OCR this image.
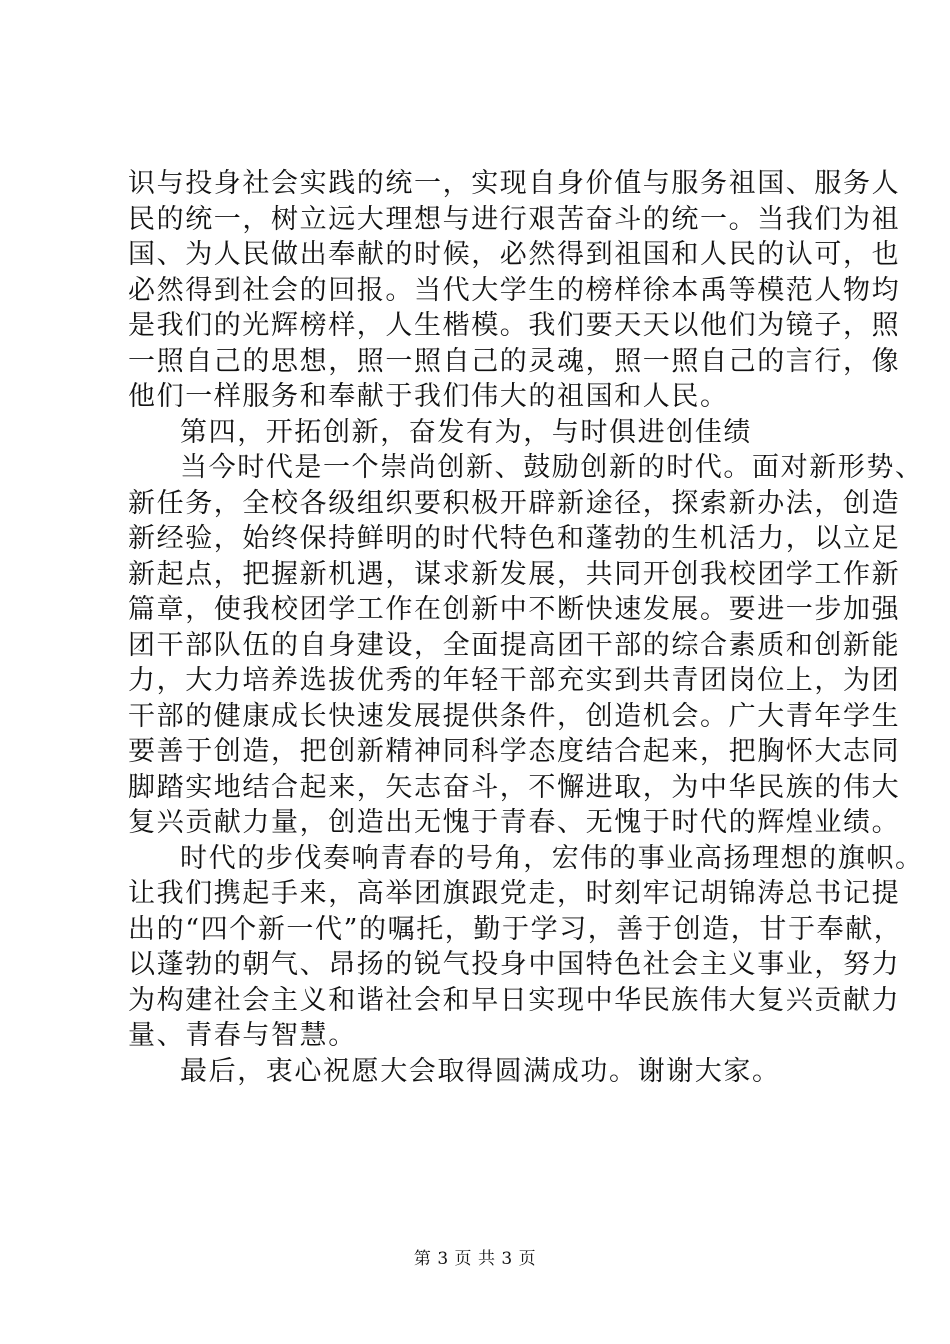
识与投身社会实践的统一，实现自身价值与服务祖国、服务人
民的统一，树立远大理想与进行艰苦奋斗的统一。当我们为祖
国、为人民做出奉献的时候，必然得到祖国和人民的认可，也
必然得到社会的回报。当代大学生的榜样徐本禹等模范人物均
是我们的光辉榜样，人生楷模。我们要天天以他们为镜子，照
一照自己的思想，照一照自己的灵魂，照一照自己的言行，像
他们一样服务和奉献于我们伟大的祖国和人民。
第四，开拓创新，奋发有为，与时俱进创佳绩
当今时代是一个崇尚创新、鼓励创新的时代。面对新形势、
新任务，全校各级组织要积极开辟新途径，探索新办法，创造
新经验，始终保持鲜明的时代特色和蓬勃的生机活力，以立足
新起点，把握新机遇，谋求新发展，共同开创我校团学工作新
篇章，使我校团学工作在创新中不断快速发展。要进一步加强
团干部队伍的自身建设，全面提高团干部的综合素质和创新能
力，大力培养选拔优秀的年轻干部充实到共青团岗位上，为团
干部的健康成长快速发展提供条件，创造机会。广大青年学生
要善于创造，把创新精神同科学态度结合起来，把胸怀大志同
脚踏实地结合起来，矢志奋斗，不懈进取，为中华民族的伟大
复兴贡献力量，创造出无愧于青春、无愧于时代的辉煌业绩。
时代的步伐奏响青春的号角，宏伟的事业高扬理想的旗帜。
让我们携起手来，高举团旗跟党走，时刻牢记胡锦涛总书记提
出的“四个新一代”的嘱托，勤于学习，善于创造，甘于奉献，
以蓬勃的朝气、昂扬的锐气投身中国特色社会主义事业，努力
为构建社会主义和谐社会和早日实现中华民族伟大复兴贡献力
量、青春与智慧。
最后，衷心祝愿大会取得圆满成功。谢谢大家。
第 3 页 共 3 页
